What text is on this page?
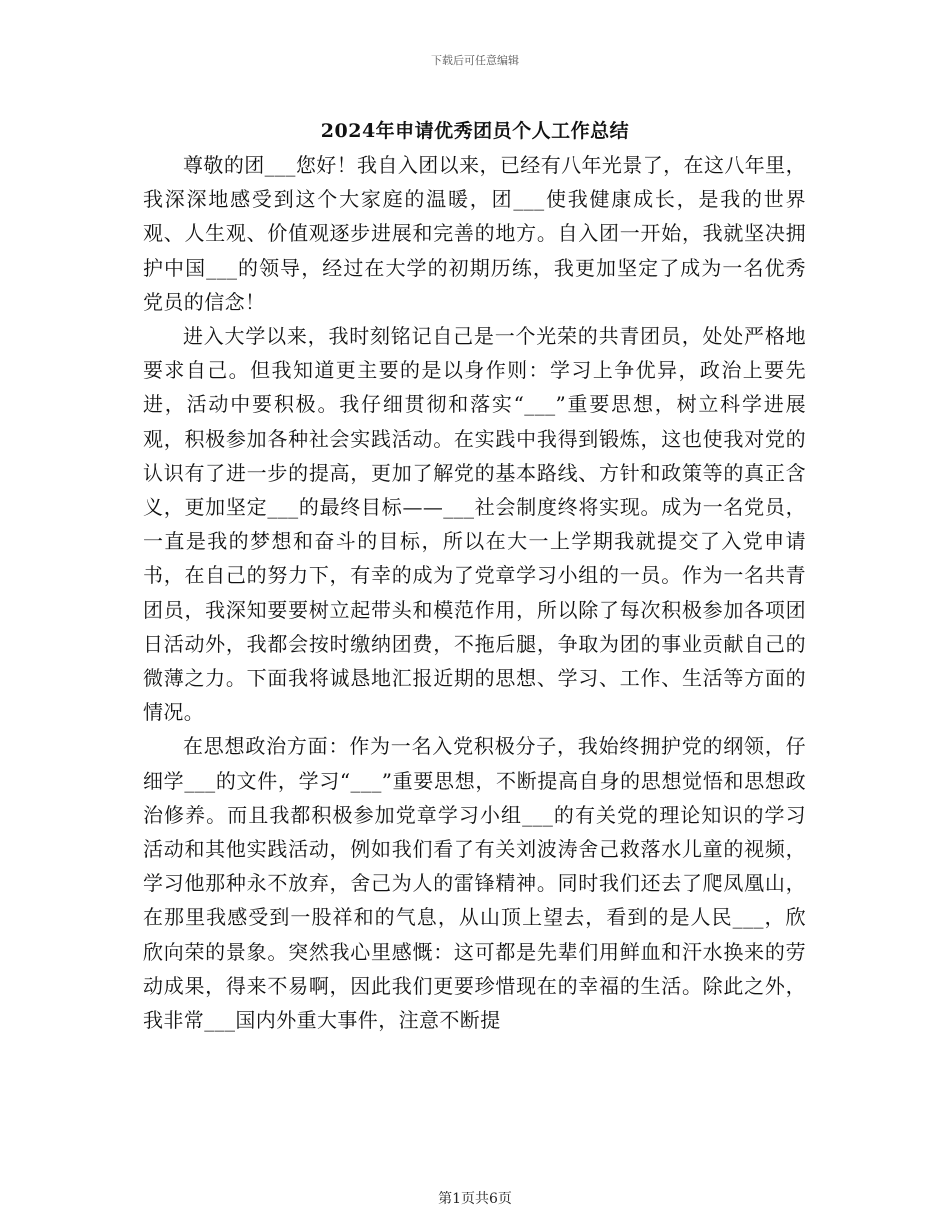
下载后可任意编辑
2024年申请优秀团员个人工作总结

尊敬的团___您好！我自入团以来，已经有八年光景了，在这八年里，我深深地感受到这个大家庭的温暖，团___使我健康成长，是我的世界观、人生观、价值观逐步进展和完善的地方。自入团一开始，我就坚决拥护中国___的领导，经过在大学的初期历练，我更加坚定了成为一名优秀党员的信念！

进入大学以来，我时刻铭记自己是一个光荣的共青团员，处处严格地要求自己。但我知道更主要的是以身作则：学习上争优异，政治上要先进，活动中要积极。我仔细贯彻和落实“___”重要思想，树立科学进展观，积极参加各种社会实践活动。在实践中我得到锻炼，这也使我对党的认识有了进一步的提高，更加了解党的基本路线、方针和政策等的真正含义，更加坚定___的最终目标——___社会制度终将实现。成为一名党员，一直是我的梦想和奋斗的目标，所以在大一上学期我就提交了入党申请书，在自己的努力下，有幸的成为了党章学习小组的一员。作为一名共青团员，我深知要要树立起带头和模范作用，所以除了每次积极参加各项团日活动外，我都会按时缴纳团费，不拖后腿，争取为团的事业贡献自己的微薄之力。下面我将诚恳地汇报近期的思想、学习、工作、生活等方面的情况。

在思想政治方面：作为一名入党积极分子，我始终拥护党的纲领，仔细学___的文件，学习“___”重要思想，不断提高自身的思想觉悟和思想政治修养。而且我都积极参加党章学习小组___的有关党的理论知识的学习活动和其他实践活动，例如我们看了有关刘波涛舍己救落水儿童的视频，学习他那种永不放弃，舍己为人的雷锋精神。同时我们还去了爬凤凰山，在那里我感受到一股祥和的气息，从山顶上望去，看到的是人民___，欣欣向荣的景象。突然我心里感慨：这可都是先辈们用鲜血和汗水换来的劳动成果，得来不易啊，因此我们更要珍惜现在的幸福的生活。除此之外，我非常___国内外重大事件，注意不断提

第1页共6页
